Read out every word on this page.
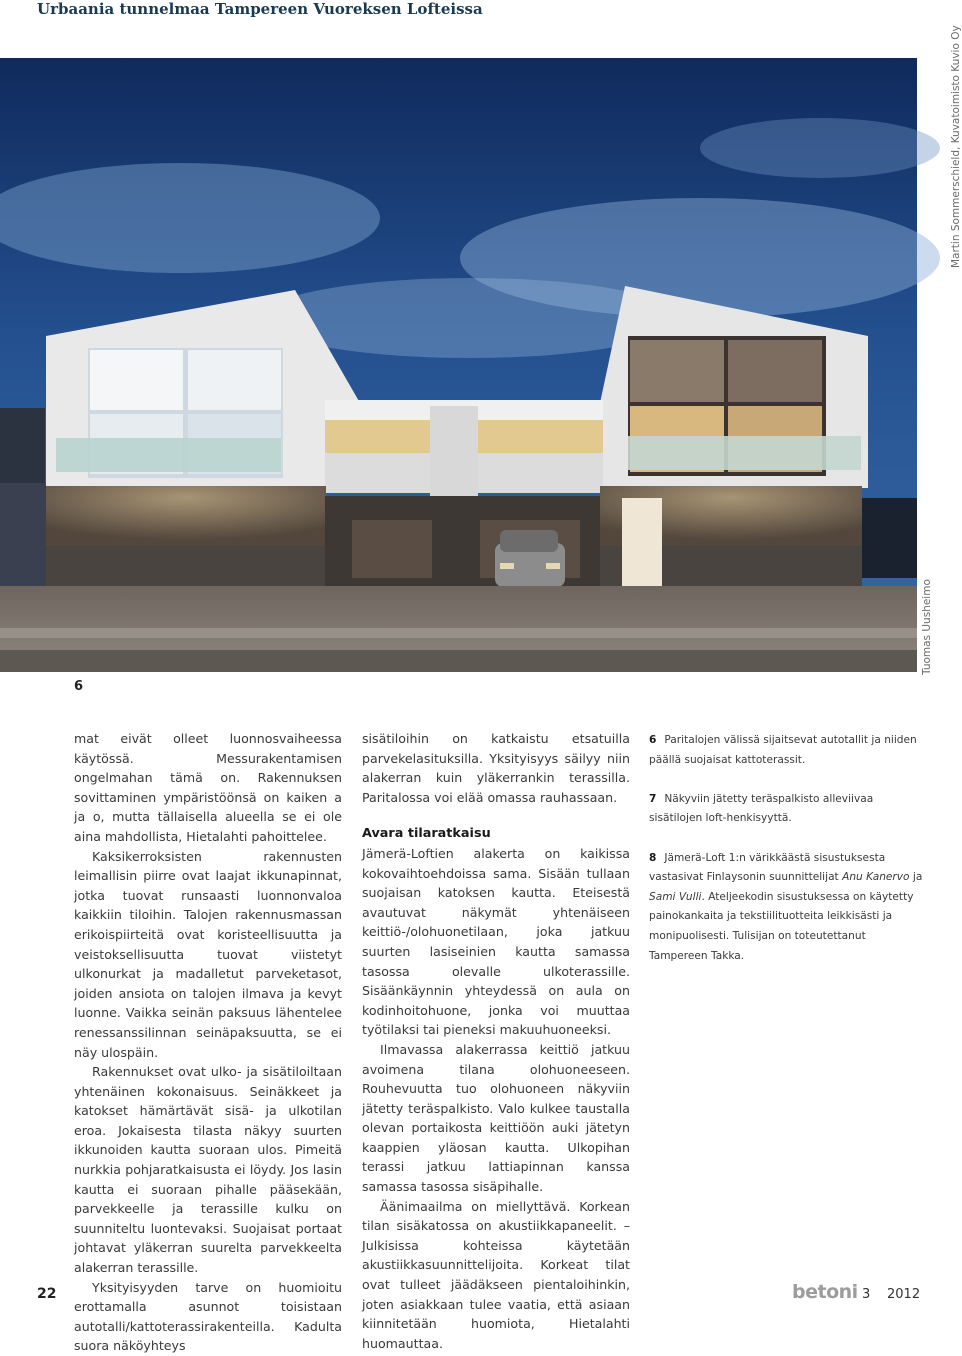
Urbaania tunnelmaa Tampereen Vuoreksen Lofteissa
Martin Sommerschield, Kuvatoimisto Kuvio Oy
Tuomas Uusheimo
6

mat eivät olleet luonnosvaiheessa käytössä. Messurakentamisen ongelmahan tämä on. Rakennuksen sovittaminen ympäristöönsä on kaiken a ja o, mutta tällaisella alueella se ei ole aina mahdollista, Hietalahti pahoittelee.

Kaksikerroksisten rakennusten leimallisin piirre ovat laajat ikkunapinnat, jotka tuovat runsaasti luonnonvaloa kaikkiin tiloihin. Talojen rakennusmassan erikoispiirteitä ovat koristeellisuutta ja veistoksellisuutta tuovat viistetyt ulkonurkat ja madalletut parveketasot, joiden ansiota on talojen ilmava ja kevyt luonne. Vaikka seinän paksuus lähentelee renessanssilinnan seinäpaksuutta, se ei näy ulospäin.

Rakennukset ovat ulko- ja sisätiloiltaan yhtenäinen kokonaisuus. Seinäkkeet ja katokset hämärtävät sisä- ja ulkotilan eroa. Jokaisesta tilasta näkyy suurten ikkunoiden kautta suoraan ulos. Pimeitä nurkkia pohjaratkaisusta ei löydy. Jos lasin kautta ei suoraan pihalle pääsekään, parvekkeelle ja terassille kulku on suunniteltu luontevaksi. Suojaisat portaat johtavat yläkerran suurelta parvekkeelta alakerran terassille.

Yksityisyyden tarve on huomioitu erottamalla asunnot toisistaan autotalli/kattoterassirakenteilla. Kadulta suora näköyhteys

sisätiloihin on katkaistu etsatuilla parvekelasituksilla. Yksityisyys säilyy niin alakerran kuin yläkerrankin terassilla. Paritalossa voi elää omassa rauhassaan.

Avara tilaratkaisu

Jämerä-Loftien alakerta on kaikissa kokovaihtoehdoissa sama. Sisään tullaan suojaisan katoksen kautta. Eteisestä avautuvat näkymät yhtenäiseen keittiö-/olohuonetilaan, joka jatkuu suurten lasiseinien kautta samassa tasossa olevalle ulkoterassille. Sisäänkäynnin yhteydessä on aula on kodinhoitohuone, jonka voi muuttaa työtilaksi tai pieneksi makuuhuoneeksi.

Ilmavassa alakerrassa keittiö jatkuu avoimena tilana olohuoneeseen. Rouhevuutta tuo olohuoneen näkyviin jätetty teräspalkisto. Valo kulkee taustalla olevan portaikosta keittiöön auki jätetyn kaappien yläosan kautta. Ulkopihan terassi jatkuu lattiapinnan kanssa samassa tasossa sisäpihalle.

Äänimaailma on miellyttävä. Korkean tilan sisäkatossa on akustiikkapaneelit. – Julkisissa kohteissa käytetään akustiikkasuunnittelijoita. Korkeat tilat ovat tulleet jäädäkseen pientaloihinkin, joten asiakkaan tulee vaatia, että asiaan kiinnitetään huomiota, Hietalahti huomauttaa.

6 Paritalojen välissä sijaitsevat autotallit ja niiden päällä suojaisat kattoterassit.

7 Näkyviin jätetty teräspalkisto alleviivaa sisätilojen loft-henkisyyttä.

8 Jämerä-Loft 1:n värikkäästä sisustuksesta vastasivat Finlaysonin suunnittelijat Anu Kanervo ja Sami Vulli. Ateljeekodin sisustuksessa on käytetty painokankaita ja tekstiilituotteita leikkisästi ja monipuolisesti. Tulisijan on toteutettanut Tampereen Takka.

22	betoni 3 2012
